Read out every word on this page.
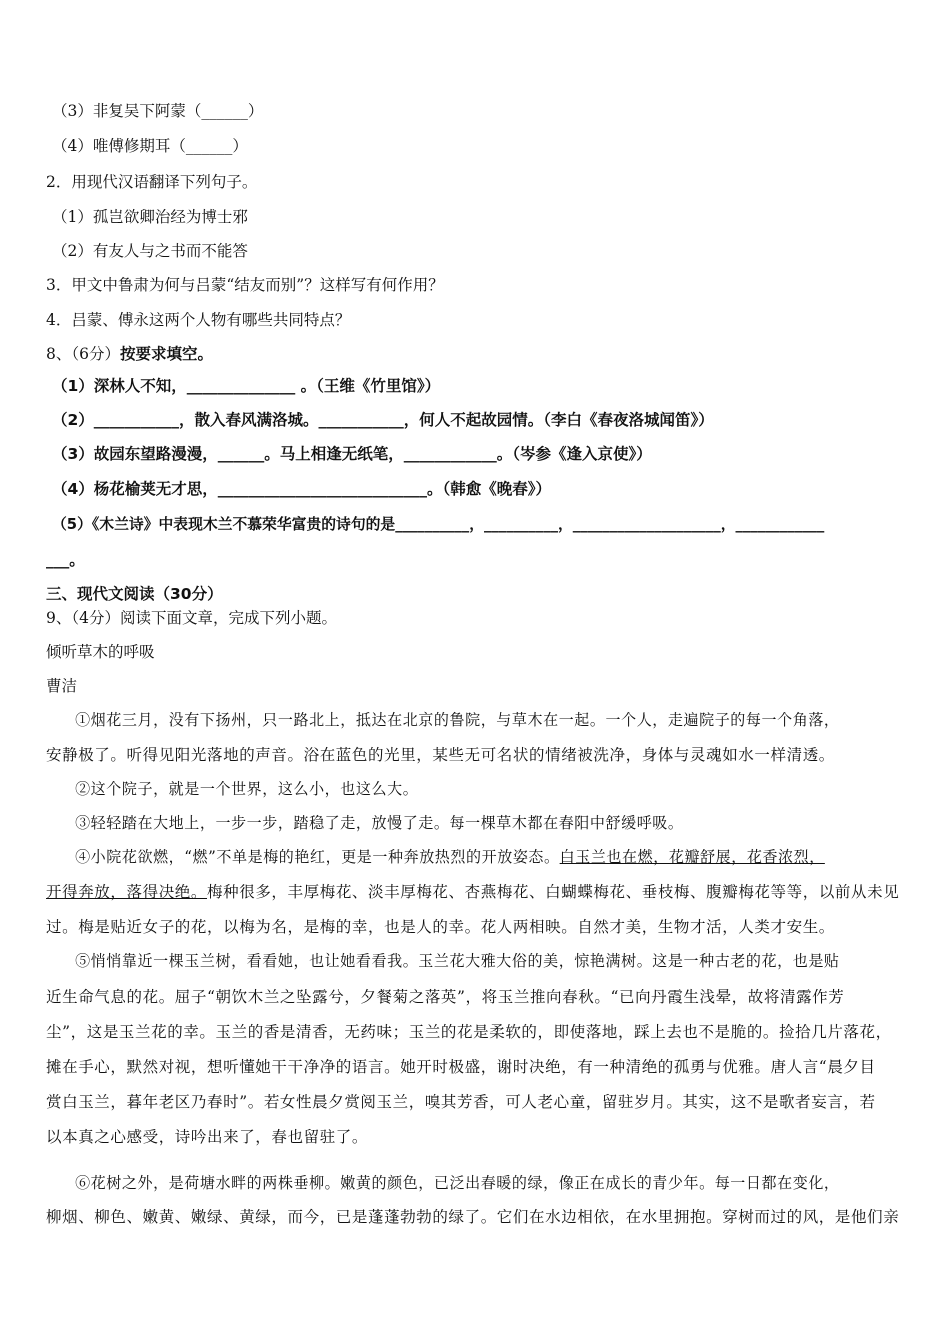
（3）非复吴下阿蒙（______）
（4）唯傅修期耳（______）
2．用现代汉语翻译下列句子。
（1）孤岂欲卿治经为博士邪
（2）有友人与之书而不能答
3．甲文中鲁肃为何与吕蒙“结友而别”？这样写有何作用？
4．吕蒙、傅永这两个人物有哪些共同特点？
8、（6分）按要求填空。
（1）深林人不知，______________ 。（王维《竹里馆》）
（2）___________，散入春风满洛城。___________，何人不起故园情。（李白《春夜洛城闻笛》）
（3）故园东望路漫漫，______。马上相逢无纸笔，____________。（岑参《逢入京使》）
（4）杨花榆荚无才思，___________________________。（韩愈《晚春》）
（5）《木兰诗》中表现木兰不慕荣华富贵的诗句的是__________，__________，____________________，____________
___。
三、现代文阅读（30分）
9、（4分）阅读下面文章，完成下列小题。
倾听草木的呼吸
曹洁
①烟花三月，没有下扬州，只一路北上，抵达在北京的鲁院，与草木在一起。一个人，走遍院子的每一个角落，
安静极了。听得见阳光落地的声音。浴在蓝色的光里，某些无可名状的情绪被洗净，身体与灵魂如水一样清透。
②这个院子，就是一个世界，这么小，也这么大。
③轻轻踏在大地上，一步一步，踏稳了走，放慢了走。每一棵草木都在春阳中舒缓呼吸。
④小院花欲燃，“燃”不单是梅的艳红，更是一种奔放热烈的开放姿态。白玉兰也在燃，花瓣舒展，花香浓烈，
开得奔放，落得决绝。梅种很多，丰厚梅花、淡丰厚梅花、杏燕梅花、白蝴蝶梅花、垂枝梅、腹瓣梅花等等，以前从未见
过。梅是贴近女子的花，以梅为名，是梅的幸，也是人的幸。花人两相映。自然才美，生物才活，人类才安生。
⑤悄悄靠近一棵玉兰树，看看她，也让她看看我。玉兰花大雅大俗的美，惊艳满树。这是一种古老的花，也是贴
近生命气息的花。屈子“朝饮木兰之坠露兮，夕餐菊之落英”，将玉兰推向春秋。“已向丹霞生浅晕，故将清露作芳
尘”，这是玉兰花的幸。玉兰的香是清香，无药味；玉兰的花是柔软的，即使落地，踩上去也不是脆的。捡拾几片落花，
摊在手心，默然对视，想听懂她干干净净的语言。她开时极盛，谢时决绝，有一种清绝的孤勇与优雅。唐人言“晨夕目
赏白玉兰，暮年老区乃春时”。若女性晨夕赏阅玉兰，嗅其芳香，可人老心童，留驻岁月。其实，这不是歌者妄言，若
以本真之心感受，诗吟出来了，春也留驻了。
⑥花树之外，是荷塘水畔的两株垂柳。嫩黄的颜色，已泛出春暖的绿，像正在成长的青少年。每一日都在变化，
柳烟、柳色、嫩黄、嫩绿、黄绿，而今，已是蓬蓬勃勃的绿了。它们在水边相依，在水里拥抱。穿树而过的风，是他们亲
